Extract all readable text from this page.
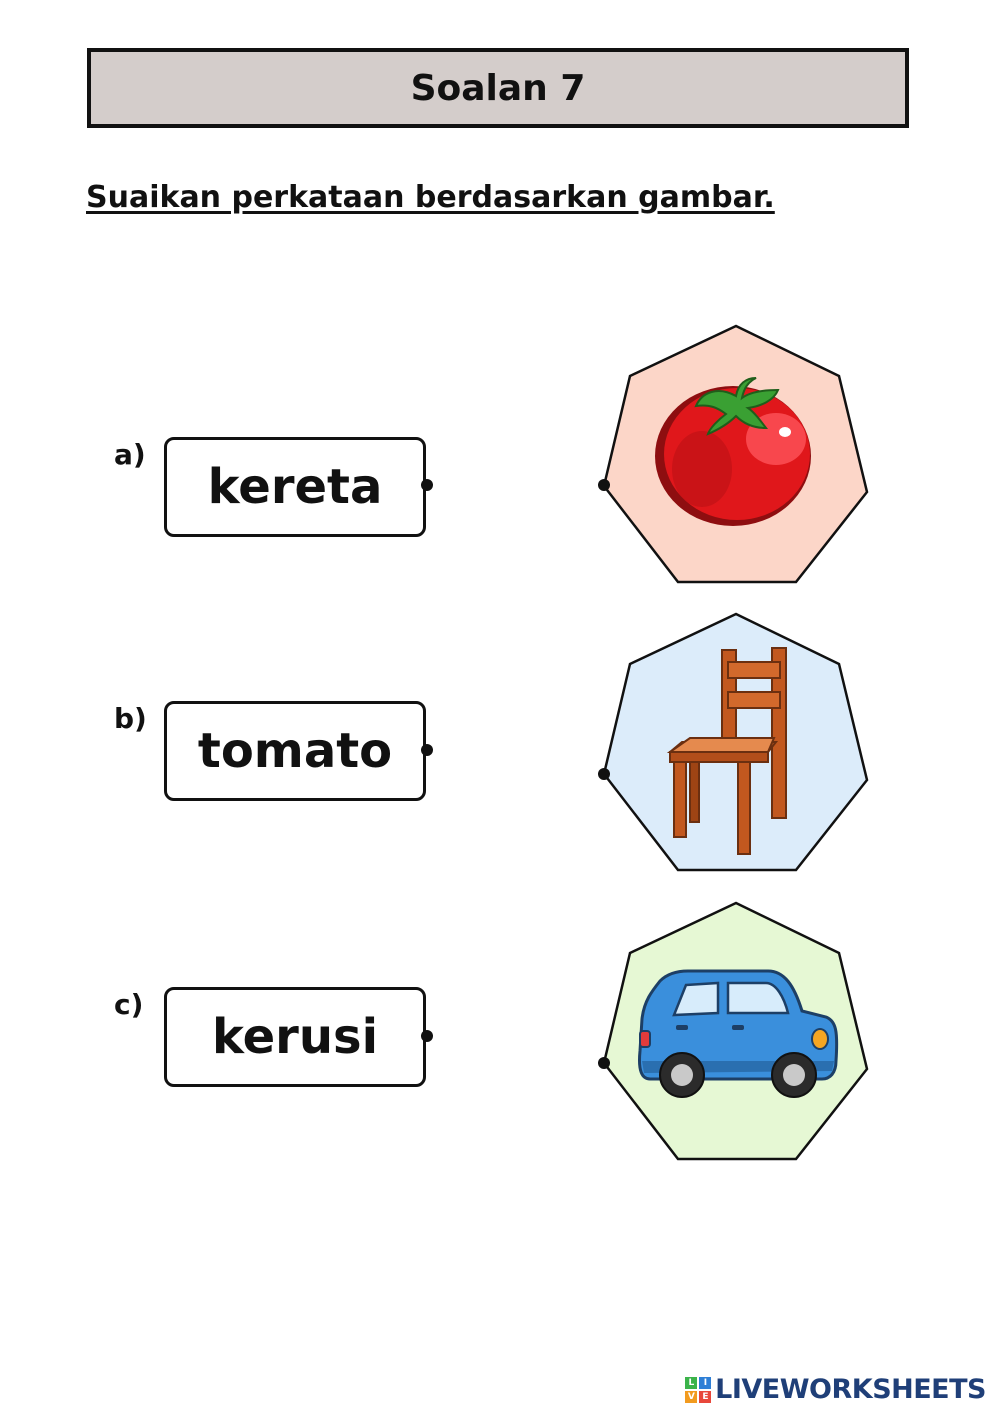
Soalan 7
Suaikan perkataan berdasarkan gambar.
a)
kereta
b)
tomato
c)
kerusi
L	I
V E LIVEWORKSHEETS
